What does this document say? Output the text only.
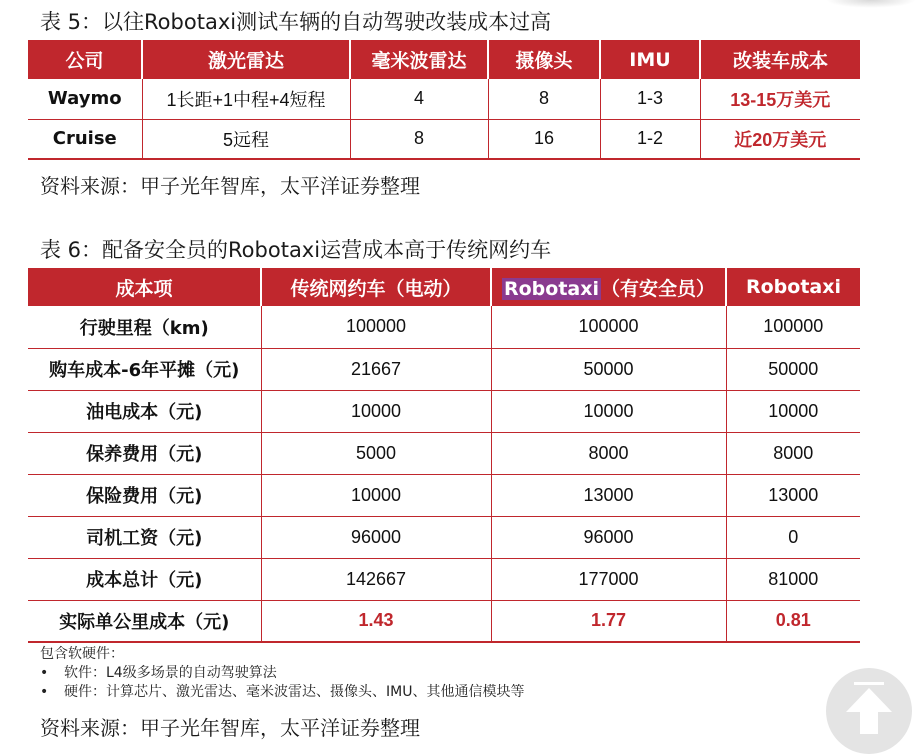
表 5：以往Robotaxi测试车辆的自动驾驶改装成本过高
公司	激光雷达	毫米波雷达	摄像头	IMU	改装车成本
Waymo	1长距+1中程+4短程	4	8	1-3	13-15万美元
Cruise	5远程	8	16	1-2	近20万美元
资料来源：甲子光年智库，太平洋证券整理
表 6：配备安全员的Robotaxi运营成本高于传统网约车
成本项	传统网约车（电动）	Robotaxi （有安全员）	Robotaxi
行驶里程（km)	100000	100000	100000
购车成本-6年平摊（元)	21667	50000	50000
油电成本（元)	10000	10000	10000
保养费用（元)	5000	8000	8000
保险费用（元)	10000	13000	13000
司机工资（元)	96000	96000	0
成本总计（元)	142667	177000	81000
实际单公里成本（元)	1.43	1.77	0.81
包含软硬件：
• 软件：L4级多场景的自动驾驶算法
• 硬件：计算芯片、激光雷达、毫米波雷达、摄像头、IMU、其他通信模块等
资料来源：甲子光年智库，太平洋证券整理
